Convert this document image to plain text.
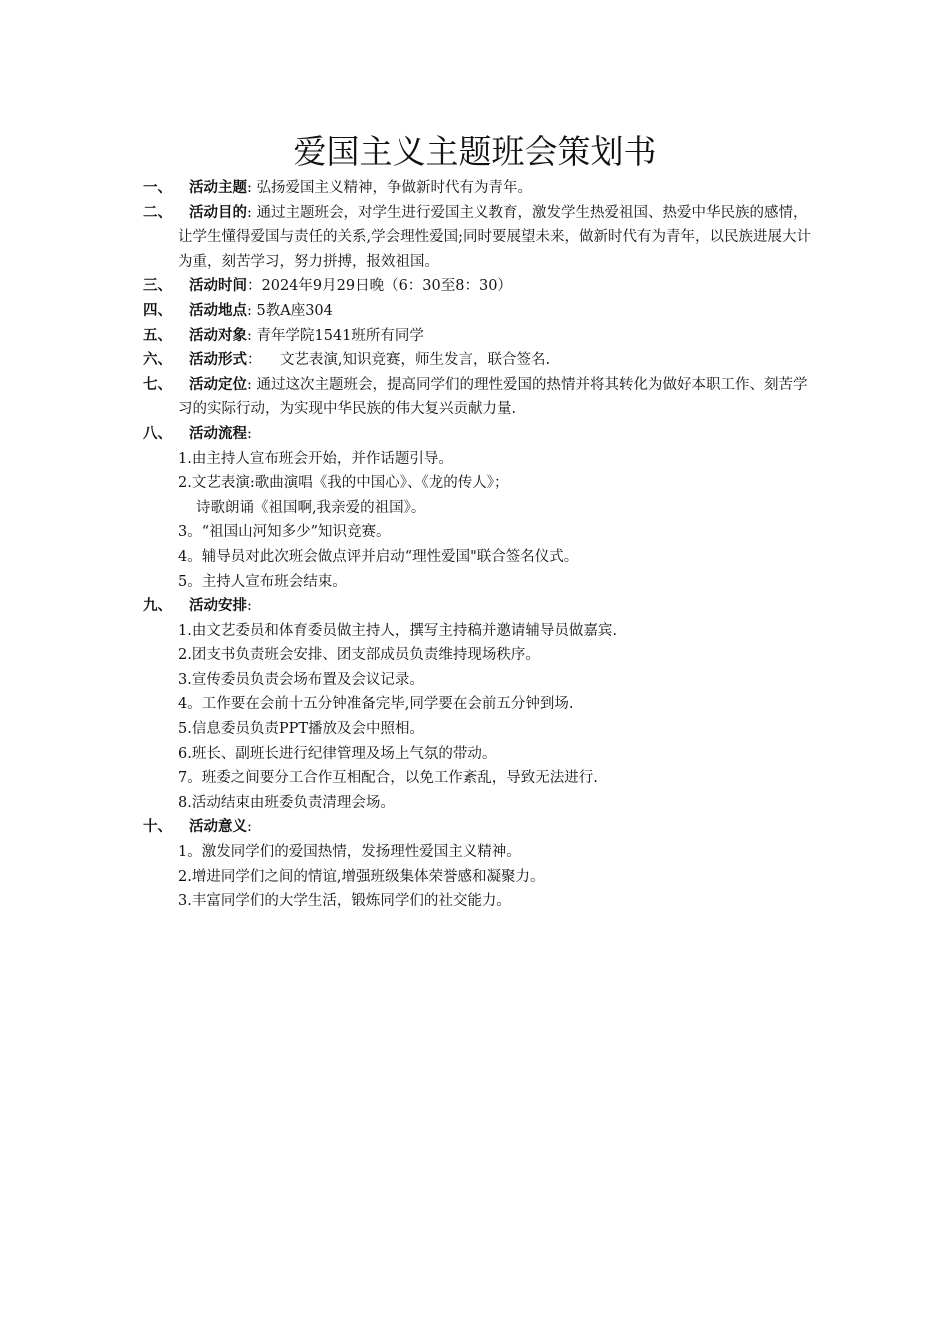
爱国主义主题班会策划书

一、 活动主题: 弘扬爱国主义精神，争做新时代有为青年。

二、 活动目的: 通过主题班会，对学生进行爱国主义教育，激发学生热爱祖国、热爱中华民族的感情，让学生懂得爱国与责任的关系,学会理性爱国;同时要展望未来，做新时代有为青年，以民族进展大计为重，刻苦学习，努力拼搏，报效祖国。

三、 活动时间：2024年9月29日晚（6：30至8：30）

四、 活动地点: 5教A座304

五、 活动对象: 青年学院1541班所有同学

六、 活动形式：    文艺表演,知识竞赛，师生发言，联合签名.

七、 活动定位: 通过这次主题班会，提高同学们的理性爱国的热情并将其转化为做好本职工作、刻苦学习的实际行动，为实现中华民族的伟大复兴贡献力量.

八、 活动流程:

1.由主持人宣布班会开始，并作话题引导。

2.文艺表演:歌曲演唱《我的中国心》、《龙的传人》；

诗歌朗诵《祖国啊,我亲爱的祖国》。

3。“祖国山河知多少”知识竞赛。

4。辅导员对此次班会做点评并启动“理性爱国"联合签名仪式。

5。主持人宣布班会结束。

九、 活动安排:

1.由文艺委员和体育委员做主持人，撰写主持稿并邀请辅导员做嘉宾.

2.团支书负责班会安排、团支部成员负责维持现场秩序。

3.宣传委员负责会场布置及会议记录。

4。工作要在会前十五分钟准备完毕,同学要在会前五分钟到场.

5.信息委员负责PPT播放及会中照相。

6.班长、副班长进行纪律管理及场上气氛的带动。

7。班委之间要分工合作互相配合，以免工作紊乱，导致无法进行.

8.活动结束由班委负责清理会场。

十、 活动意义:

1。激发同学们的爱国热情，发扬理性爱国主义精神。

2.增进同学们之间的情谊,增强班级集体荣誉感和凝聚力。

3.丰富同学们的大学生活，锻炼同学们的社交能力。
